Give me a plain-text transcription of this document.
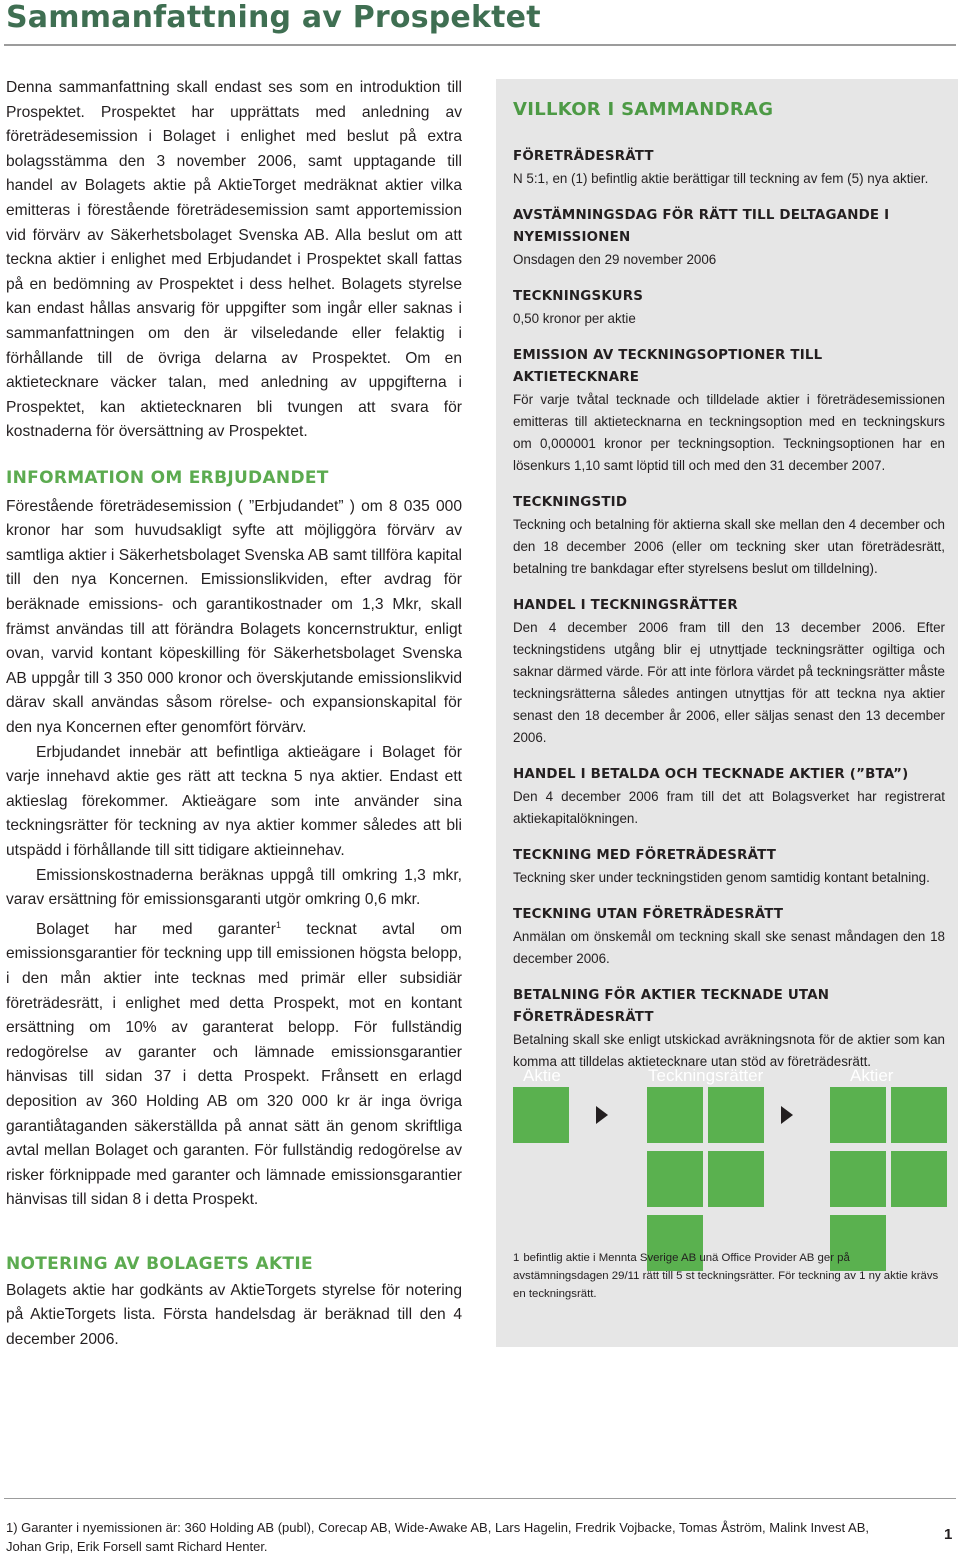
Sammanfattning av Prospektet

Denna sammanfattning skall endast ses som en introduktion till Prospektet. Prospektet har upprättats med anledning av företrädesemission i Bolaget i enlighet med beslut på extra bolagsstämma den 3 november 2006, samt upptagande till handel av Bolagets aktie på AktieTorget medräknat aktier vilka emitteras i förestående företrädesemission samt apportemission vid förvärv av Säkerhetsbolaget Svenska AB. Alla beslut om att teckna aktier i enlighet med Erbjudandet i Prospektet skall fattas på en bedömning av Prospektet i dess helhet. Bolagets styrelse kan endast hållas ansvarig för uppgifter som ingår eller saknas i sammanfattningen om den är vilseledande eller felaktig i förhållande till de övriga delarna av Prospektet. Om en aktietecknare väcker talan, med anledning av uppgifterna i Prospektet, kan aktietecknaren bli tvungen att svara för kostnaderna för översättning av Prospektet.

INFORMATION OM ERBJUDANDET

Förestående företrädesemission ( ”Erbjudandet” ) om 8 035 000 kronor har som huvudsakligt syfte att möjliggöra förvärv av samtliga aktier i Säkerhetsbolaget Svenska AB samt tillföra kapital till den nya Koncernen. Emissionslikviden, efter avdrag för beräknade emissions- och garantikostnader om 1,3 Mkr, skall främst användas till att förändra Bolagets koncernstruktur, enligt ovan, varvid kontant köpeskilling för Säkerhetsbolaget Svenska AB uppgår till 3 350 000 kronor och överskjutande emissionslikvid därav skall användas såsom rörelse- och expansionskapital för den nya Koncernen efter genomfört förvärv.

Erbjudandet innebär att befintliga aktieägare i Bolaget för varje innehavd aktie ges rätt att teckna 5 nya aktier. Endast ett aktieslag förekommer. Aktieägare som inte använder sina teckningsrätter för teckning av nya aktier kommer således att bli utspädd i förhållande till sitt tidigare aktieinnehav.

Emissionskostnaderna beräknas uppgå till omkring 1,3 mkr, varav ersättning för emissionsgaranti utgör omkring 0,6 mkr.

Bolaget har med garanter$^1$ tecknat avtal om emissionsgarantier för teckning upp till emissionen högsta belopp, i den mån aktier inte tecknas med primär eller subsidiär företrädesrätt, i enlighet med detta Prospekt, mot en kontant ersättning om 10% av garanterat belopp. För fullständig redogörelse av garanter och lämnade emissionsgarantier hänvisas till sidan 37 i detta Prospekt. Frånsett en erlagd deposition av 360 Holding AB om 320 000 kr är inga övriga garantiåtaganden säkerställda på annat sätt än genom skriftliga avtal mellan Bolaget och garanten. För fullständig redogörelse av risker förknippade med garanter och lämnade emissionsgarantier hänvisas till sidan 8 i detta Prospekt.

NOTERING AV BOLAGETS AKTIE

Bolagets aktie har godkänts av AktieTorgets styrelse för notering på AktieTorgets lista. Första handelsdag är beräknad till den 4 december 2006.

VILLKOR I SAMMANDRAG
FÖRETRÄDESRÄTT

N 5:1, en (1) befintlig aktie berättigar till teckning av fem (5) nya aktier.

AVSTÄMNINGSDAG FÖR RÄTT TILL DELTAGANDE I NYEMISSIONEN

Onsdagen den 29 november 2006

TECKNINGSKURS

0,50 kronor per aktie

EMISSION AV TECKNINGSOPTIONER TILL AKTIETECKNARE

För varje tvåtal tecknade och tilldelade aktier i företrädesemissionen emitteras till aktietecknarna en teckningsoption med en teckningskurs om 0,000001 kronor per teckningsoption. Teckningsoptionen har en lösenkurs 1,10 samt löptid till och med den 31 december 2007.

TECKNINGSTID

Teckning och betalning för aktierna skall ske mellan den 4 december och den 18 december 2006 (eller om teckning sker utan företrädesrätt, betalning tre bankdagar efter styrelsens beslut om tilldelning).

HANDEL I TECKNINGSRÄTTER

Den 4 december 2006 fram till den 13 december 2006. Efter teckningstidens utgång blir ej utnyttjade teckningsrätter ogiltiga och saknar därmed värde. För att inte förlora värdet på teckningsrätter måste teckningsrätterna således antingen utnyttjas för att teckna nya aktier senast den 18 december år 2006, eller säljas senast den 13 december 2006.

HANDEL I BETALDA OCH TECKNADE AKTIER (”BTA”)

Den 4 december 2006 fram till det att Bolagsverket har registrerat aktiekapitalökningen.

TECKNING MED FÖRETRÄDESRÄTT

Teckning sker under teckningstiden genom samtidig kontant betalning.

TECKNING UTAN FÖRETRÄDESRÄTT

Anmälan om önskemål om teckning skall ske senast måndagen den 18 december 2006.

BETALNING FÖR AKTIER TECKNADE UTAN FÖRETRÄDESRÄTT

Betalning skall ske enligt utskickad avräkningsnota för de aktier som kan komma att tilldelas aktietecknare utan stöd av företrädesrätt.

Aktie	Teckningsrätter	Aktier
1 befintlig aktie i Mennta Sverige AB unä Office Provider AB ger på avstämningsdagen 29/11 rätt till 5 st teckningsrätter. För teckning av 1 ny aktie krävs en teckningsrätt.
1) Garanter i nyemissionen är: 360 Holding AB (publ), Corecap AB, Wide-Awake AB, Lars Hagelin, Fredrik Vojbacke, Tomas Åström, Malink Invest AB, Johan Grip, Erik Forsell samt Richard Henter.
1
